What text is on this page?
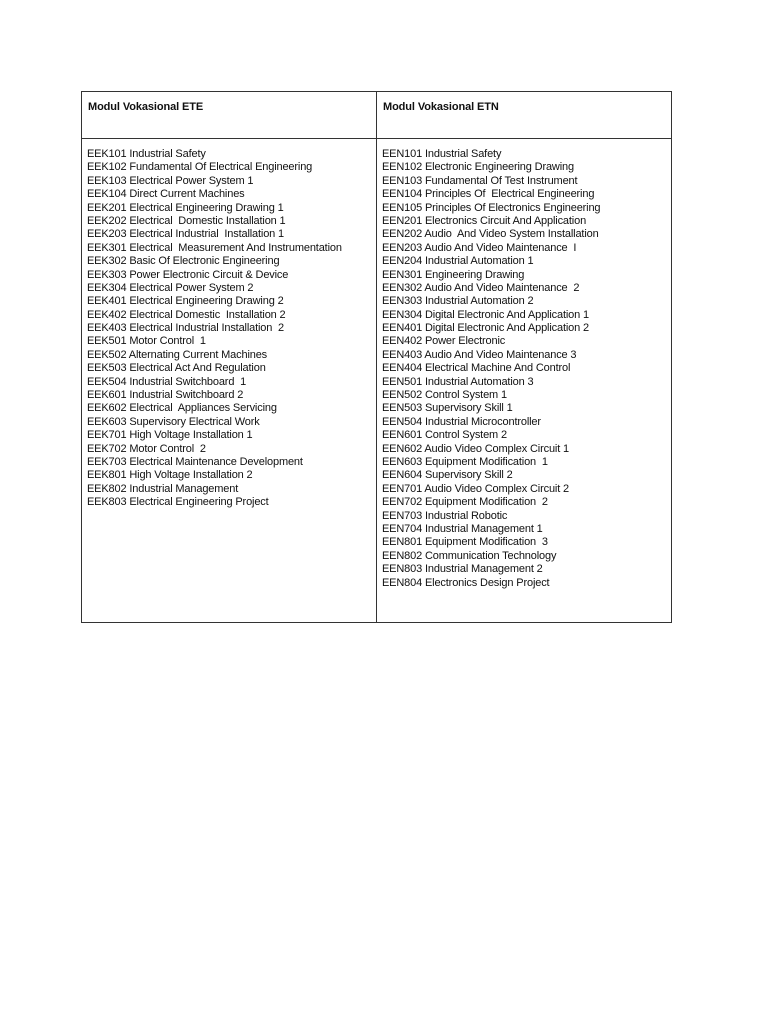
Modul Vokasional ETE	Modul Vokasional ETN
EEK101 Industrial Safety
EEK102 Fundamental Of Electrical Engineering
EEK103 Electrical Power System 1
EEK104 Direct Current Machines
EEK201 Electrical Engineering Drawing 1
EEK202 Electrical  Domestic Installation 1
EEK203 Electrical Industrial  Installation 1
EEK301 Electrical  Measurement And Instrumentation
EEK302 Basic Of Electronic Engineering
EEK303 Power Electronic Circuit & Device
EEK304 Electrical Power System 2
EEK401 Electrical Engineering Drawing 2
EEK402 Electrical Domestic  Installation 2
EEK403 Electrical Industrial Installation  2
EEK501 Motor Control  1
EEK502 Alternating Current Machines
EEK503 Electrical Act And Regulation
EEK504 Industrial Switchboard  1
EEK601 Industrial Switchboard 2
EEK602 Electrical  Appliances Servicing
EEK603 Supervisory Electrical Work
EEK701 High Voltage Installation 1
EEK702 Motor Control  2
EEK703 Electrical Maintenance Development
EEK801 High Voltage Installation 2
EEK802 Industrial Management
EEK803 Electrical Engineering Project
EEN101 Industrial Safety
EEN102 Electronic Engineering Drawing
EEN103 Fundamental Of Test Instrument
EEN104 Principles Of  Electrical Engineering
EEN105 Principles Of Electronics Engineering
EEN201 Electronics Circuit And Application
EEN202 Audio  And Video System Installation
EEN203 Audio And Video Maintenance  I
EEN204 Industrial Automation 1
EEN301 Engineering Drawing
EEN302 Audio And Video Maintenance  2
EEN303 Industrial Automation 2
EEN304 Digital Electronic And Application 1
EEN401 Digital Electronic And Application 2
EEN402 Power Electronic
EEN403 Audio And Video Maintenance 3
EEN404 Electrical Machine And Control
EEN501 Industrial Automation 3
EEN502 Control System 1
EEN503 Supervisory Skill 1
EEN504 Industrial Microcontroller
EEN601 Control System 2
EEN602 Audio Video Complex Circuit 1
EEN603 Equipment Modification  1
EEN604 Supervisory Skill 2
EEN701 Audio Video Complex Circuit 2
EEN702 Equipment Modification  2
EEN703 Industrial Robotic
EEN704 Industrial Management 1
EEN801 Equipment Modification  3
EEN802 Communication Technology
EEN803 Industrial Management 2
EEN804 Electronics Design Project
